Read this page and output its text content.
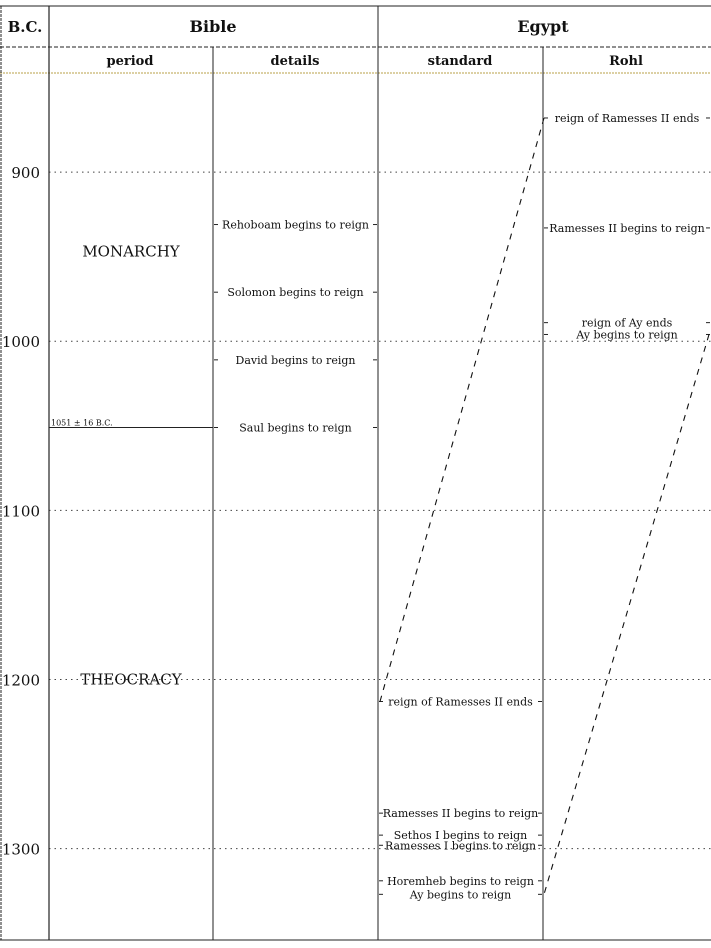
B.C.	Bible	Egypt
period	details	standard	Rohl
900
1000
1100
1200
1300
MONARCHY
THEOCRACY
1051 ± 16 B.C.
Rehoboam begins to reign
Solomon begins to reign
David begins to reign
Saul begins to reign
reign of Ramesses II ends
Ramesses II begins to reign
Sethos I begins to reign
Ramesses I begins to reign
Horemheb begins to reign
Ay begins to reign
reign of Ramesses II ends
Ramesses II begins to reign
reign of Ay ends
Ay begins to reign
